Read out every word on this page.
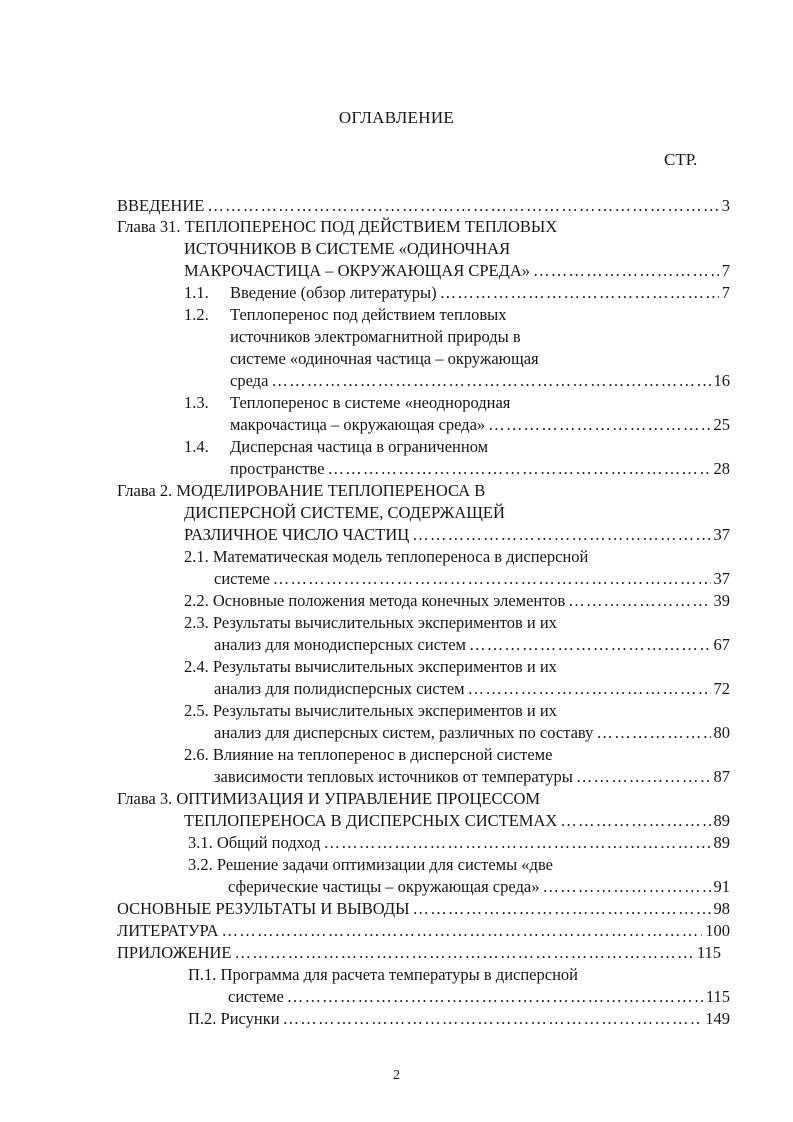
ОГЛАВЛЕНИЕ
СТР.
ВВЕДЕНИЕ ……………………………………………………………………………………………………………………………………………………………………	3
Глава 31. ТЕПЛОПЕРЕНОС ПОД ДЕЙСТВИЕМ ТЕПЛОВЫХ
ИСТОЧНИКОВ В СИСТЕМЕ «ОДИНОЧНАЯ
МАКРОЧАСТИЦА – ОКРУЖАЮЩАЯ СРЕДА» ……………………………………………………………………………………………………………………………………………………………………	7
1.1. Введение (обзор литературы) ……………………………………………………………………………………………………………………………………………………………………	7
1.2. Теплоперенос под действием тепловых
источников электромагнитной природы в
системе «одиночная частица – окружающая
среда ……………………………………………………………………………………………………………………………………………………………………	16
1.3. Теплоперенос в системе «неоднородная
макрочастица – окружающая среда» ……………………………………………………………………………………………………………………………………………………………………	25
1.4. Дисперсная частица в ограниченном
пространстве ……………………………………………………………………………………………………………………………………………………………………	28
Глава 2. МОДЕЛИРОВАНИЕ ТЕПЛОПЕРЕНОСА В
ДИСПЕРСНОЙ СИСТЕМЕ, СОДЕРЖАЩЕЙ
РАЗЛИЧНОЕ ЧИСЛО ЧАСТИЦ ……………………………………………………………………………………………………………………………………………………………………	37
2.1. Математическая модель теплопереноса в дисперсной
системе ……………………………………………………………………………………………………………………………………………………………………	37
2.2. Основные положения метода конечных элементов ……………………………………………………………………………………………………………………………………………………………………	39
2.3. Результаты вычислительных экспериментов и их
анализ для монодисперсных систем ……………………………………………………………………………………………………………………………………………………………………	67
2.4. Результаты вычислительных экспериментов и их
анализ для полидисперсных систем ……………………………………………………………………………………………………………………………………………………………………	72
2.5. Результаты вычислительных экспериментов и их
анализ для дисперсных систем, различных по составу ……………………………………………………………………………………………………………………………………………………………………	80
2.6. Влияние на теплоперенос в дисперсной системе
зависимости тепловых источников от температуры ……………………………………………………………………………………………………………………………………………………………………	87
Глава 3. ОПТИМИЗАЦИЯ И УПРАВЛЕНИЕ ПРОЦЕССОМ
ТЕПЛОПЕРЕНОСА В ДИСПЕРСНЫХ СИСТЕМАХ ……………………………………………………………………………………………………………………………………………………………………	89
3.1. Общий подход ……………………………………………………………………………………………………………………………………………………………………	89
3.2. Решение задачи оптимизации для системы «две
сферические частицы – окружающая среда» ……………………………………………………………………………………………………………………………………………………………………	91
ОСНОВНЫЕ РЕЗУЛЬТАТЫ И ВЫВОДЫ ……………………………………………………………………………………………………………………………………………………………………	98
ЛИТЕРАТУРА ……………………………………………………………………………………………………………………………………………………………………	100
ПРИЛОЖЕНИЕ ……………………………………………………………………………………………………………………………………………………………………	115
П.1. Программа для расчета температуры в дисперсной
системе ……………………………………………………………………………………………………………………………………………………………………	115
П.2. Рисунки ……………………………………………………………………………………………………………………………………………………………………	149
2
